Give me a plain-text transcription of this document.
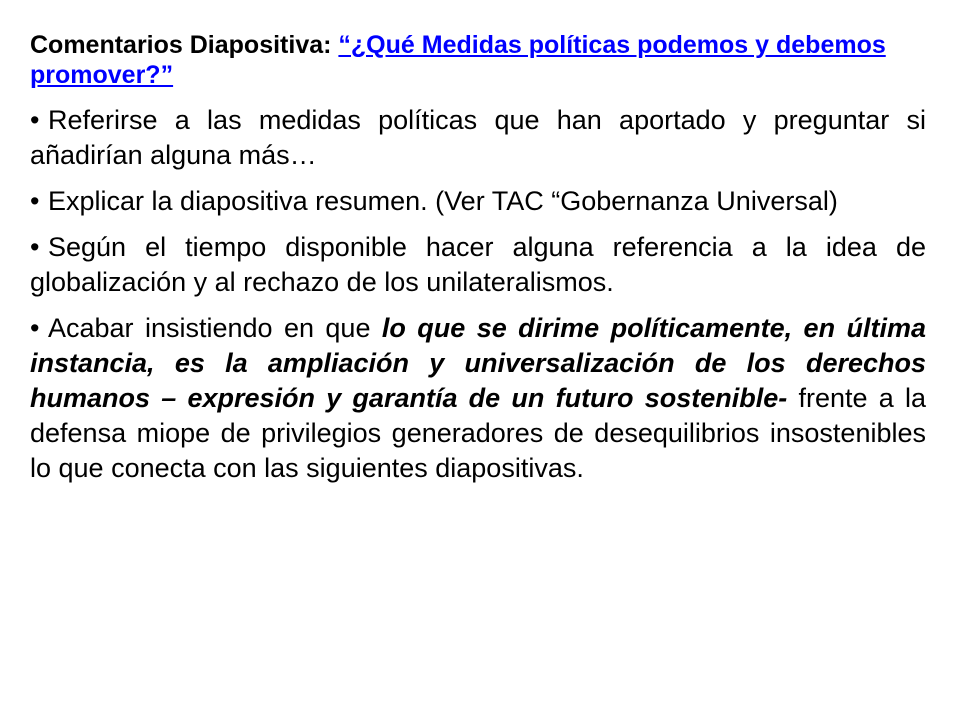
Comentarios Diapositiva: “¿Qué Medidas políticas podemos y debemos promover?”
• Referirse a las medidas políticas que han aportado y preguntar si añadirían alguna más…
• Explicar la diapositiva resumen. (Ver TAC “Gobernanza Universal)
• Según el tiempo disponible hacer alguna referencia a la idea de globalización y al rechazo de los unilateralismos.
• Acabar insistiendo en que lo que se dirime políticamente, en última instancia, es la ampliación y universalización de los derechos humanos – expresión y garantía de un futuro sostenible- frente a la defensa miope de privilegios generadores de desequilibrios insostenibles lo que conecta con las siguientes diapositivas.
